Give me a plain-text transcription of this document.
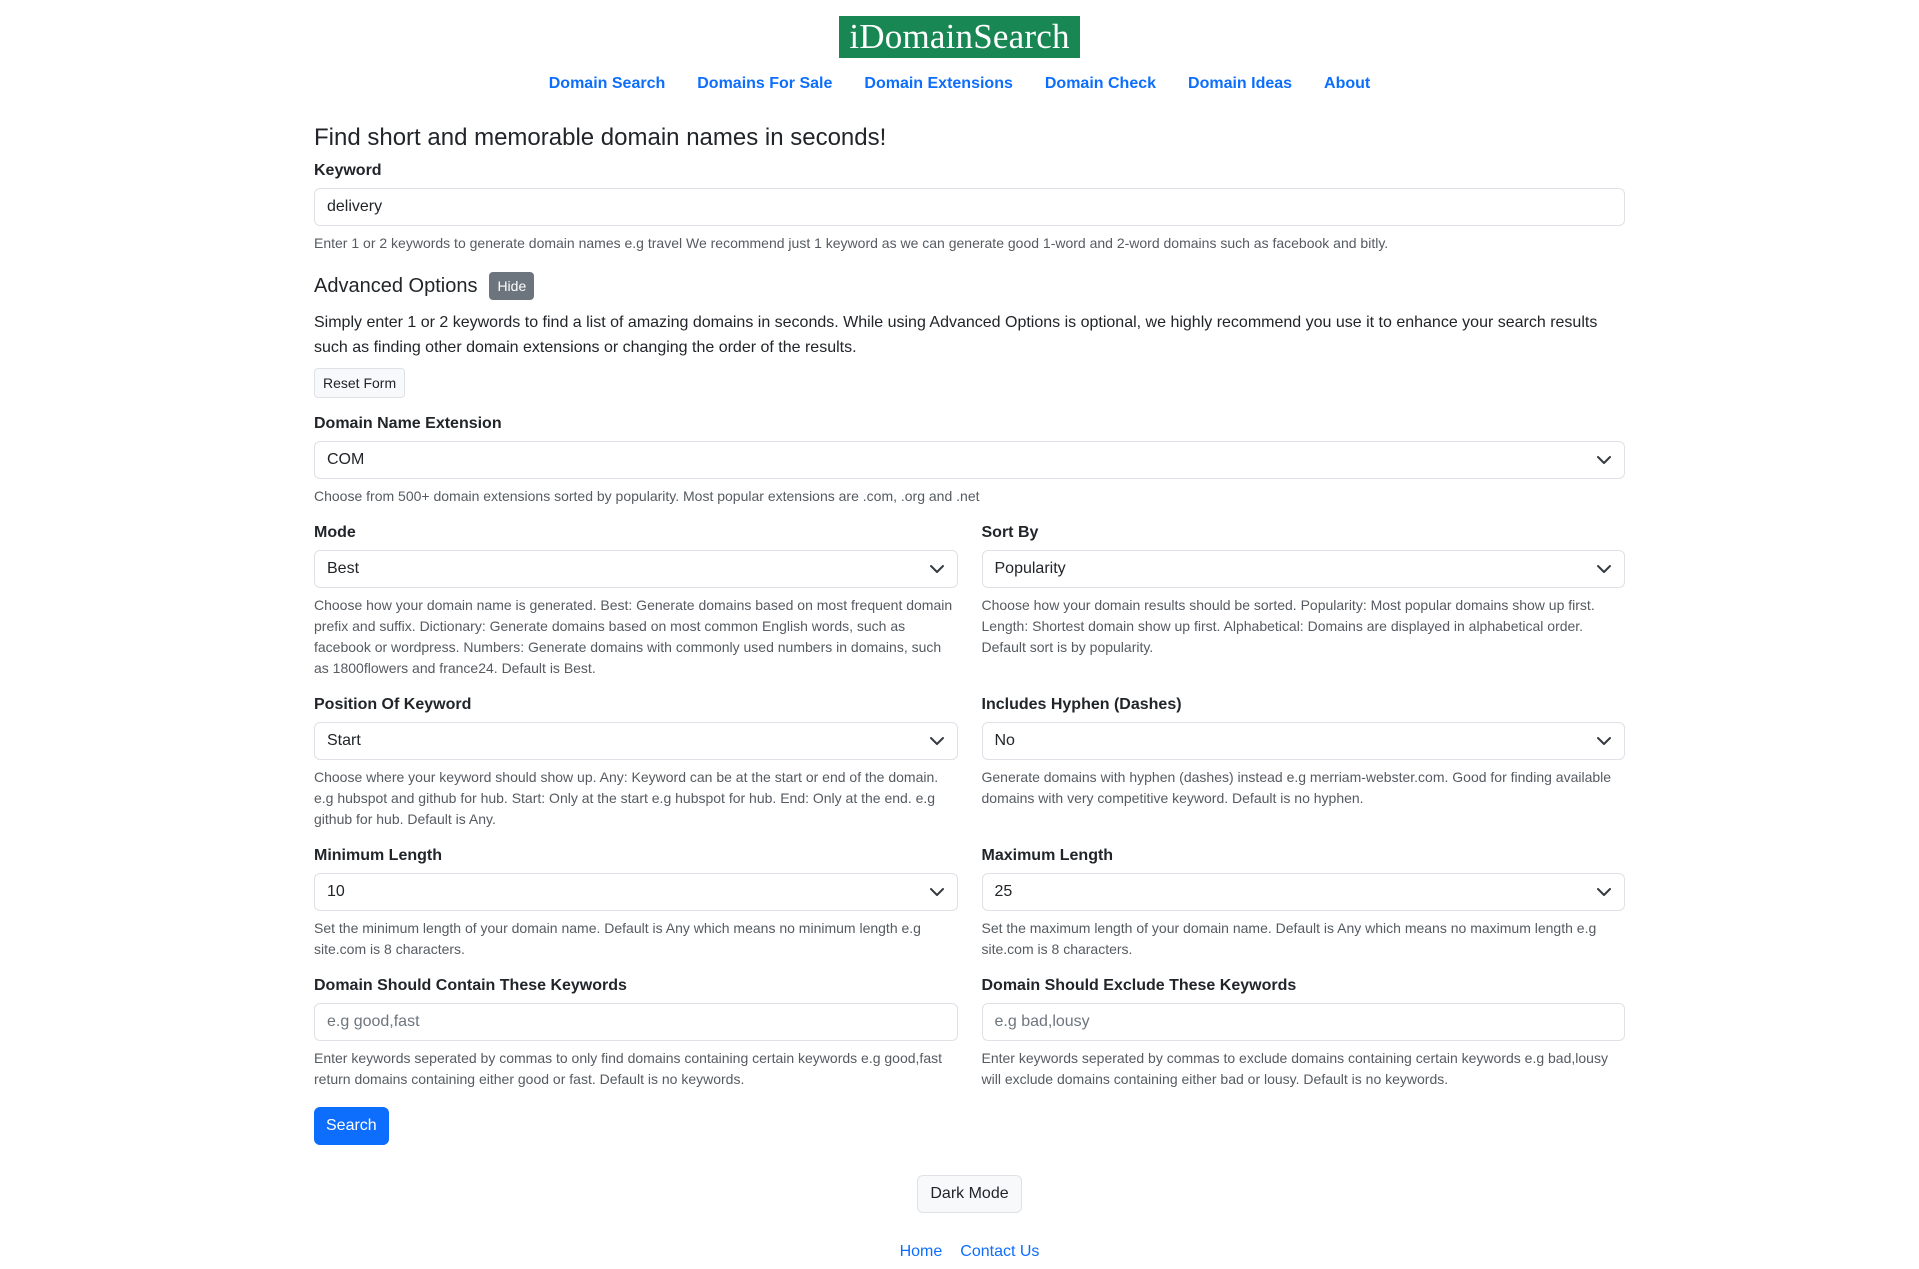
iDomainSearch
Domain Search	Domains For Sale	Domain Extensions	Domain Check	Domain Ideas	About
Find short and memorable domain names in seconds!
Keyword
delivery
Enter 1 or 2 keywords to generate domain names e.g travel We recommend just 1 keyword as we can generate good 1-word and 2-word domains such as facebook and bitly.
Advanced Options	Hide
Simply enter 1 or 2 keywords to find a list of amazing domains in seconds. While using Advanced Options is optional, we highly recommend you use it to enhance your search results such as finding other domain extensions or changing the order of the results.
Reset Form
Domain Name Extension
COM
Choose from 500+ domain extensions sorted by popularity. Most popular extensions are .com, .org and .net
Mode
Best
Choose how your domain name is generated. Best: Generate domains based on most frequent domain prefix and suffix. Dictionary: Generate domains based on most common English words, such as facebook or wordpress. Numbers: Generate domains with commonly used numbers in domains, such as 1800flowers and france24. Default is Best.
Sort By
Popularity
Choose how your domain results should be sorted. Popularity: Most popular domains show up first. Length: Shortest domain show up first. Alphabetical: Domains are displayed in alphabetical order. Default sort is by popularity.
Position Of Keyword
Start
Choose where your keyword should show up. Any: Keyword can be at the start or end of the domain. e.g hubspot and github for hub. Start: Only at the start e.g hubspot for hub. End: Only at the end. e.g github for hub. Default is Any.
Includes Hyphen (Dashes)
No
Generate domains with hyphen (dashes) instead e.g merriam-webster.com. Good for finding available domains with very competitive keyword. Default is no hyphen.
Minimum Length
10
Set the minimum length of your domain name. Default is Any which means no minimum length e.g site.com is 8 characters.
Maximum Length
25
Set the maximum length of your domain name. Default is Any which means no maximum length e.g site.com is 8 characters.
Domain Should Contain These Keywords
e.g good,fast
Enter keywords seperated by commas to only find domains containing certain keywords e.g good,fast return domains containing either good or fast. Default is no keywords.
Domain Should Exclude These Keywords
e.g bad,lousy
Enter keywords seperated by commas to exclude domains containing certain keywords e.g bad,lousy will exclude domains containing either bad or lousy. Default is no keywords.
Search
Dark Mode
Home Contact Us
